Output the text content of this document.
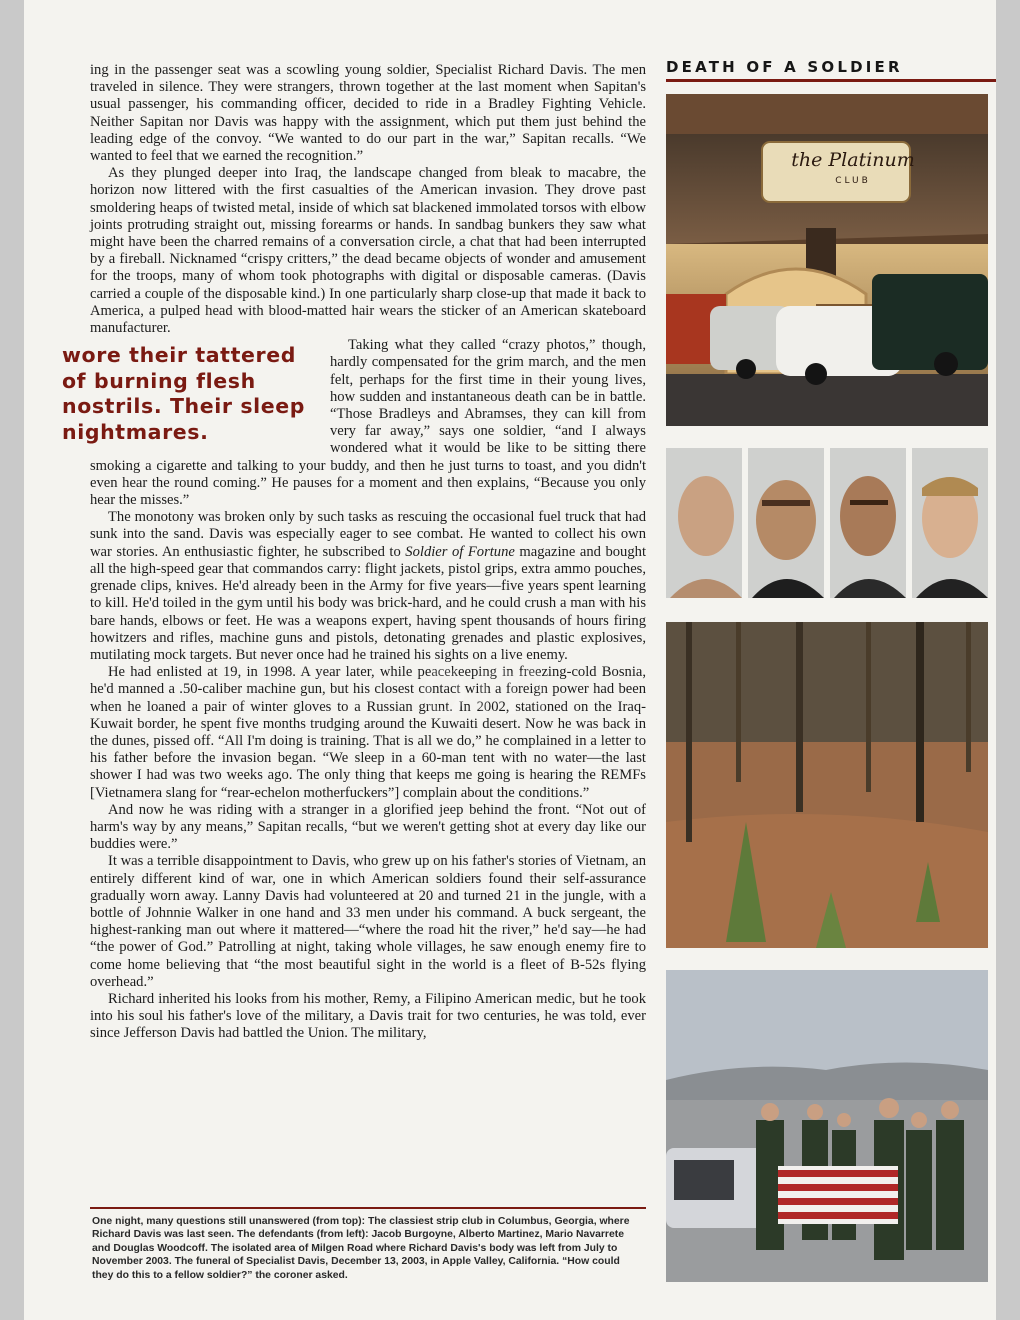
DEATH OF A SOLDIER

ing in the passenger seat was a scowling young soldier, Specialist Richard Davis. The men traveled in silence. They were strangers, thrown together at the last moment when Sapitan's usual passenger, his commanding officer, decided to ride in a Bradley Fighting Vehicle. Neither Sapitan nor Davis was happy with the assignment, which put them just behind the leading edge of the convoy. “We wanted to do our part in the war,” Sapitan recalls. “We wanted to feel that we earned the recognition.”

As they plunged deeper into Iraq, the landscape changed from bleak to macabre, the horizon now littered with the first casualties of the American invasion. They drove past smoldering heaps of twisted metal, inside of which sat blackened immolated torsos with elbow joints protruding straight out, missing forearms or hands. In sandbag bunkers they saw what might have been the charred remains of a conversation circle, a chat that had been interrupted by a fireball. Nicknamed “crispy critters,” the dead became objects of wonder and amusement for the troops, many of whom took photographs with digital or disposable cameras. (Davis carried a couple of the disposable kind.) In one particularly sharp close-up that made it back to America, a pulped head with blood-matted hair wears the sticker of an American skateboard manufacturer.

wore their tattered
of burning flesh
nostrils. Their sleep
nightmares.

Taking what they called “crazy photos,” though, hardly compensated for the grim march, and the men felt, perhaps for the first time in their young lives, how sudden and instantaneous death can be in battle. “Those Bradleys and Abramses, they can kill from very far away,” says one soldier, “and I always wondered what it would be like to be sitting there smoking a cigarette and talking to your buddy, and then he just turns to toast, and you didn't even hear the round coming.” He pauses for a moment and then explains, “Because you only hear the misses.”

The monotony was broken only by such tasks as rescuing the occasional fuel truck that had sunk into the sand. Davis was especially eager to see combat. He wanted to collect his own war stories. An enthusiastic fighter, he subscribed to Soldier of Fortune magazine and bought all the high-speed gear that commandos carry: flight jackets, pistol grips, extra ammo pouches, grenade clips, knives. He'd already been in the Army for five years—five years spent learning to kill. He'd toiled in the gym until his body was brick-hard, and he could crush a man with his bare hands, elbows or feet. He was a weapons expert, having spent thousands of hours firing howitzers and rifles, machine guns and pistols, detonating grenades and plastic explosives, mutilating mock targets. But never once had he trained his sights on a live enemy.

He had enlisted at 19, in 1998. A year later, while peacekeeping in freezing-cold Bosnia, he'd manned a .50-caliber machine gun, but his closest contact with a foreign power had been when he loaned a pair of winter gloves to a Russian grunt. In 2002, stationed on the Iraq-Kuwait border, he spent five months trudging around the Kuwaiti desert. Now he was back in the dunes, pissed off. “All I'm doing is training. That is all we do,” he complained in a letter to his father before the invasion began. “We sleep in a 60-man tent with no water—the last shower I had was two weeks ago. The only thing that keeps me going is hearing the REMFs [Vietnamera slang for “rear-echelon motherfuckers”] complain about the conditions.”

And now he was riding with a stranger in a glorified jeep behind the front. “Not out of harm's way by any means,” Sapitan recalls, “but we weren't getting shot at every day like our buddies were.”

It was a terrible disappointment to Davis, who grew up on his father's stories of Vietnam, an entirely different kind of war, one in which American soldiers found their self-assurance gradually worn away. Lanny Davis had volunteered at 20 and turned 21 in the jungle, with a bottle of Johnnie Walker in one hand and 33 men under his command. A buck sergeant, the highest-ranking man out where it mattered—“where the road hit the river,” he'd say—he had “the power of God.” Patrolling at night, taking whole villages, he saw enough enemy fire to come home believing that “the most beautiful sight in the world is a fleet of B-52s flying overhead.”

Richard inherited his looks from his mother, Remy, a Filipino American medic, but he took into his soul his father's love of the military, a Davis trait for two centuries, he was told, ever since Jefferson Davis had battled the Union. The military,

the Platinum
CLUB
One night, many questions still unanswered (from top): The classiest strip club in Columbus, Georgia, where Richard Davis was last seen. The defendants (from left): Jacob Burgoyne, Alberto Martinez, Mario Navarrete and Douglas Woodcoff. The isolated area of Milgen Road where Richard Davis's body was left from July to November 2003. The funeral of Specialist Davis, December 13, 2003, in Apple Valley, California. “How could they do this to a fellow soldier?” the coroner asked.
